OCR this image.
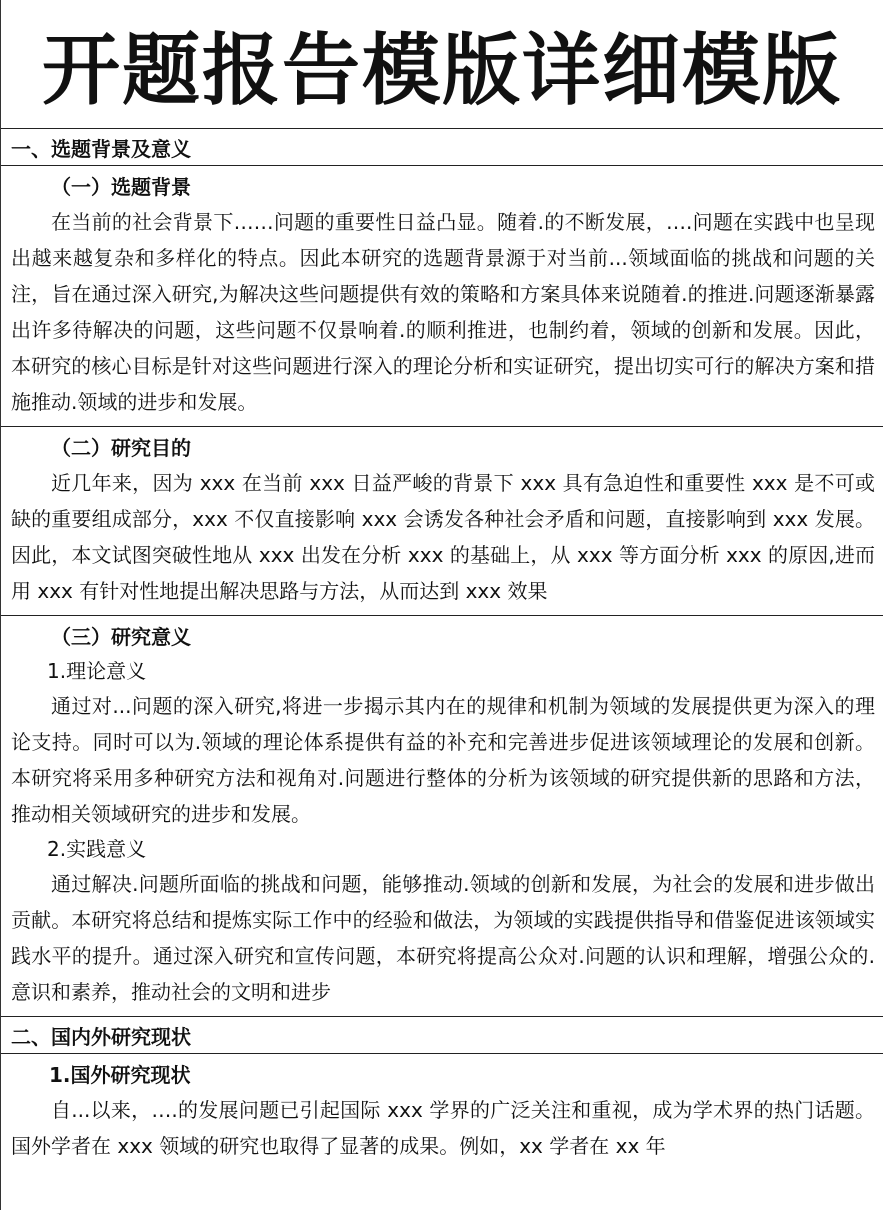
开题报告模版详细模版
一、选题背景及意义
（一）选题背景

在当前的社会背景下……问题的重要性日益凸显。随着.的不断发展，….问题在实践中也呈现出越来越复杂和多样化的特点。因此本研究的选题背景源于对当前...领域面临的挑战和问题的关注，旨在通过深入研究,为解决这些问题提供有效的策略和方案具体来说随着.的推进.问题逐渐暴露出许多待解决的问题，这些问题不仅景响着.的顺利推进，也制约着，领域的创新和发展。因此，本研究的核心目标是针对这些问题进行深入的理论分析和实证研究，提出切实可行的解决方案和措施推动.领域的进步和发展。

（二）研究目的

近几年来，因为 xxx 在当前 xxx 日益严峻的背景下 xxx 具有急迫性和重要性 xxx 是不可或缺的重要组成部分，xxx 不仅直接影响 xxx 会诱发各种社会矛盾和问题，直接影响到 xxx 发展。因此，本文试图突破性地从 xxx 出发在分析 xxx 的基础上，从 xxx 等方面分析 xxx 的原因,进而用 xxx 有针对性地提出解决思路与方法，从而达到 xxx 效果

（三）研究意义
1.理论意义

通过对...问题的深入研究,将进一步揭示其内在的规律和机制为领域的发展提供更为深入的理论支持。同时可以为.领域的理论体系提供有益的补充和完善进步促进该领域理论的发展和创新。本研究将采用多种研究方法和视角对.问题进行整体的分析为该领域的研究提供新的思路和方法，推动相关领域研究的进步和发展。

2.实践意义

通过解决.问题所面临的挑战和问题，能够推动.领域的创新和发展，为社会的发展和进步做出贡献。本研究将总结和提炼实际工作中的经验和做法，为领域的实践提供指导和借鉴促进该领域实践水平的提升。通过深入研究和宣传问题，本研究将提高公众对.问题的认识和理解，增强公众的.意识和素养，推动社会的文明和进步

二、国内外研究现状
1.国外研究现状

自...以来，….的发展问题已引起国际 xxx 学界的广泛关注和重视，成为学术界的热门话题。国外学者在 xxx 领域的研究也取得了显著的成果。例如，xx 学者在 xx 年
